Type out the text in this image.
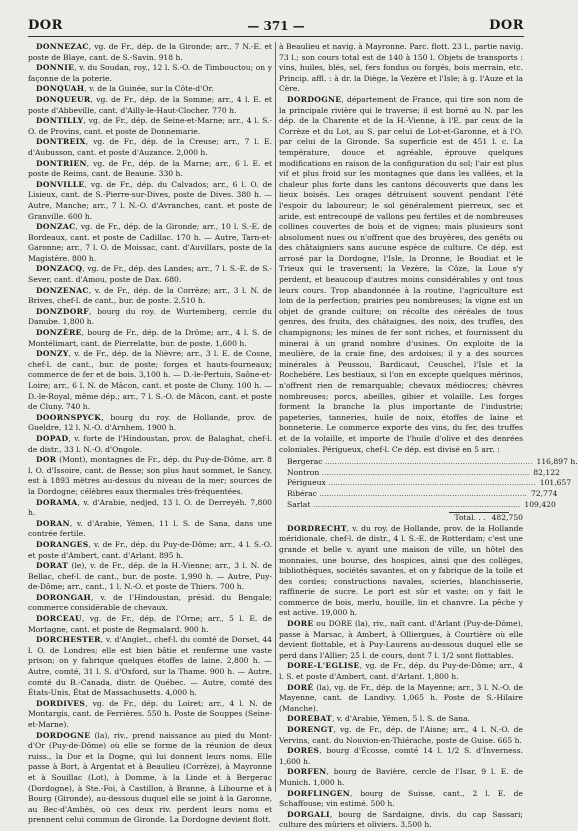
DOR	— 371 —	DOR

DONNEZAC, vg. de Fr., dép. de la Gironde; arr., 7 N.-E. et poste de Blaye, cant. de S.-Savin. 918 h.

DONNIE, v. du Soudan, roy., 12 l. S.-O. de Timbouctou; on y façonne de la poterie.

DONQUAH, v. de la Guinée, sur la Côte-d'Or.

DONQUEUR, vg. de Fr., dép. de la Somme; arr., 4 l. E. et poste d'Abbeville, cant. d'Ailly-le-Haut-Clocher. 770 h.

DONTILLY, vg. de Fr., dép. de Seine-et-Marne; arr., 4 l. S.-O. de Provins, cant. et poste de Donnemarie.

DONTREIX, vg. de Fr., dép. de la Creuse; arr., 7 l. E. d'Aubusson, cant. et poste d'Auzance. 2,000 h.

DONTRIEN, vg. de Fr., dép. de la Marne; arr., 6 l. E. et poste de Reims, cant. de Beaune. 330 h.

DONVILLE, vg. de Fr., dép. du Calvados; arr., 6 l. O. de Lisieux, cant. de S.-Pierre-sur-Dives, poste de Dives. 380 h. — Autre, Manche; arr., 7 l. N.-O. d'Avranches, cant. et poste de Granville. 600 h.

DONZAC, vg. de Fr., dép. de la Gironde; arr., 10 l. S.-E. de Bordeaux, cant. et poste de Cadillac. 170 h. — Autre, Tarn-et-Garonne; arr., 7 l. O. de Moissac, cant. d'Auvillars, poste de la Magistère. 800 h.

DONZACQ, vg. de Fr., dép. des Landes; arr., 7 l. S.-E. de S.-Sever, cant. d'Amou, poste de Dax. 680.

DONZENAC, v. de Fr., dép. de la Corrèze; arr., 3 l. N. de Brives, chef-l. de cant., bur. de poste. 2,510 h.

DONZDORF, bourg du roy. de Wurtemberg, cercle du Danube. 1,800 h.

DONZÈRE, bourg de Fr., dép. de la Drôme; arr., 4 l. S. de Montélimart, cant. de Pierrelatte, bur. de poste. 1,600 h.

DONZY, v. de Fr., dép. de la Nièvre; arr., 3 l. E. de Cosne, chef-l. de cant., bur. de poste; forges et hauts-fourneaux; commerce de fer et de bois. 3,100 h. — D.-le-Pertuis, Saône-et-Loire; arr., 6 l. N. de Mâcon, cant. et poste de Cluny. 100 h. — D.-le-Royal, même dép.; arr., 7 l. S.-O. de Mâcon, cant. et poste de Cluny. 740 h.

DOORNSPYCK, bourg du roy. de Hollande, prov. de Gueldre, 12 l. N.-O. d'Arnhem. 1900 h.

DOPAD, v. forte de l'Hindoustan, prov. de Balaghat, chef-l. de distr., 33 l. N.-O. d'Ongole.

DOR (Mont), montagnes de Fr., dép. du Puy-de-Dôme, arr. 8 l. O. d'Issoire, cant. de Besse; son plus haut sommet, le Sancy, est à 1893 mètres au-dessus du niveau de la mer; sources de la Dordogne; célèbres eaux thermales très-fréquentées.

DORAMA, v. d'Arabie, nedjed, 13 l. O. de Derreyéh. 7,800 h.

DORAN, v. d'Arabie, Yémen, 11 l. S. de Sana, dans une contrée fertile.

DORANGES, v. de Fr., dép. du Puy-de-Dôme; arr., 4 l. S.-O. et poste d'Ambert, cant. d'Arlant. 895 h.

DORAT (le), v. de Fr., dép. de la H.-Vienne; arr., 3 l. N. de Bellac, chef-l. de cant., bur. de poste. 1,990 h. — Autre, Puy-de-Dôme; arr., cant., 1 l. N.-O. et poste de Thiers. 700 h.

DORONGAH, v. de l'Hindoustan, présid. du Bengale; commerce considérable de chevaux.

DORCEAU, vg. de Fr., dép. de l'Orne; arr., 5 l. E. de Mortagne, cant. et poste de Regmalard. 900 h.

DORCHESTER, v. d'Anglet., chef-l. du comté de Dorset, 44 l. O. de Londres; elle est bien bâtie et renferme une vaste prison; on y fabrique quelques étoffes de laine. 2,800 h. — Autre, comté, 31 l. S. d'Oxford, sur la Thame. 900 h. — Autre, comté du B.-Canada, distr. de Québec. — Autre, comté des États-Unis, État de Massachusetts. 4,000 h.

DORDIVES, vg. de Fr., dép. du Loiret; arr., 4 l. N. de Montargis, cant. de Ferrières. 550 h. Poste de Souppes (Seine-et-Marne).

DORDOGNE (la), riv., prend naissance au pied du Mont-d'Or (Puy-de-Dôme) où elle se forme de la réunion de deux ruiss., la Dor et la Dogne, qui lui donnent leurs noms. Elle passe à Bort, à Argentat et à Beaulieu (Corrèze), à Mayronne et à Souillac (Lot), à Domme, à la Linde et à Bergerac (Dordogne), à Ste.-Foi, à Castillon, à Branne, à Libourne et à Bourg (Gironde), au-dessous duquel elle se joint à la Garonne, au Bec-d'Ambès, où ces deux riv. perdent leurs noms et prennent celui commun de Gironde. La Dordogne devient flott.

à Beaulieu et navig. à Mayronne. Parc. flott. 23 l., partie navig. 73 l.; son cours total est de 140 à 150 l. Objets de transports : vins, huiles, blés, sel, fers fondus ou forgés, bois merrain, etc. Princip. affl. : à dr. la Diège, la Vezère et l'Isle; à g. l'Auze et la Cère.

DORDOGNE, département de France, qui tire son nom de la principale rivière qui le traverse; il est borné au N. par les dép. de la Charente et de la H.-Vienne, à l'E. par ceux de la Corrèze et du Lot, au S. par celui de Lot-et-Garonne, et à l'O. par celui de la Gironde. Sa superficie est de 451 l. c. La température, douce et agréable, éprouve quelques modifications en raison de la configuration du sol; l'air est plus vif et plus froid sur les montagnes que dans les vallées, et la chaleur plus forte dans les cantons découverts que dans les lieux boisés. Les orages détruisent souvent pendant l'été l'espoir du laboureur; le sol généralement pierreux, sec et aride, est entrecoupé de vallons peu fertiles et de nombreuses collines couvertes de bois et de vignes; mais plusieurs sont absolument nues ou n'offrent que des bruyères, des genêts ou des châtaigniers sans aucune espèce de culture. Ce dép. est arrosé par la Dordogne, l'Isle, la Dronne, le Boudiat et le Trieux qui le traversent; la Vezère, la Côze, la Loue s'y perdent, et beaucoup d'autres moins considérables y ont tous leurs cours. Trop abandonnée à la routine, l'agriculture est loin de la perfection; prairies peu nombreuses; la vigne est un objet de grande culture; on récolte des céréales de tous genres, des fruits, des châtaignes, des noix, des truffes, des champignons; les mines de fer sont riches, et fournissent du minerai à un grand nombre d'usines. On exploite de la meulière, de la craie fine, des ardoises; il y a des sources minérales à Peussou, Bardicaut, Ceuschel, l'Isle et la Rochebére. Les bestiaux, si l'on en excepte quelques mérinos, n'offrent rien de remarquable; chevaux médiocres; chèvres nombreuses; porcs, abeilles, gibier et volaille. Les forges forment la branche la plus importante de l'industrie; papeteries, tanneries, huile de noix, étoffes de laine et bonneterie. Le commerce exporte des vins, du fer, des truffes et de la volaille, et importe de l'huile d'olive et des denrées coloniales. Périgueux, chef-l. Ce dép. est divisé en 5 arr. :

Bergerac .....	116,897 h.
Nontron .....	82,122
Périgueux .....	101,657
Ribérac .....	72,774
Sarlat .....	109,420
Total. . . 482,750

DORDRECHT, v. du roy. de Hollande, prov. de la Hollande méridionale, chef-l. de distr., 4 l. S.-E. de Rotterdam; c'est une grande et belle v. ayant une maison de ville, un hôtel des monnaies, une bourse, des hospices, ainsi que des collèges, bibliothèques, sociétés savantes, et on y fabrique de la toile et des cordes; constructions navales, scieries, blanchisserie, raffinerie de sucre. Le port est sûr et vaste; on y fait le commerce de bois, merlu, houille, lin et chanvre. La pêche y est active. 19,000 h.

DORE ou DORE (la), riv., naît cant. d'Arlant (Puy-de-Dôme), passe à Marsac, à Ambert, à Olliergues, à Courtière où elle devient flottable, et à Puy-Laurens au-dessous duquel elle se perd dans l'Allier; 25 l. de cours, dont 7 l. 1/2 sont flottables.

DORE-L'EGLISE, vg. de Fr., dép. du Puy-de-Dôme; arr., 4 l. S. et poste d'Ambert, cant. d'Arlant. 1,800 h.

DORÉ (la), vg. de Fr., dép. de la Mayenne; arr., 3 l. N.-O. de Mayenne, cant. de Landivy. 1,065 h. Poste de S.-Hilaire (Manche).

DOREBAT, v. d'Arabie, Yémen, 5 l. S. de Sana.

DORENGT, vg. de Fr., dép. de l'Aisne; arr., 4 l. N.-O. de Vervins, cant. du Nouvion-en-Thiérache, poste de Guise. 665 h.

DORES, bourg d'Écosse, comté 14 l. 1/2 S. d'Inverness. 1,600 h.

DORFEN, bourg de Bavière, cercle de l'Isar, 9 l. E. de Munich. 1,000 h.

DORFLINGEN, bourg de Suisse, cant., 2 l. E. de Schaffouse; vin estimé. 500 h.

DORGALI, bourg de Sardaigne, divis. du cap Sassari; culture des mûriers et oliviers. 3,500 h.
